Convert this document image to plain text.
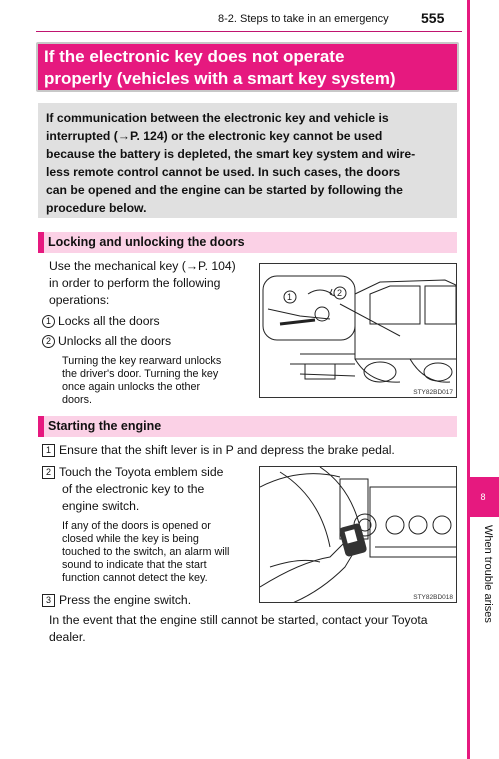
8-2. Steps to take in an emergency 555
If the electronic key does not operate
properly (vehicles with a smart key system)
If communication between the electronic key and vehicle is
interrupted (→P. 124) or the electronic key cannot be used
because the battery is depleted, the smart key system and wire-
less remote control cannot be used. In such cases, the doors
can be opened and the engine can be started by following the
procedure below.
Locking and unlocking the doors
Use the mechanical key (→P. 104)
in order to perform the following
operations:
1 Locks all the doors
2 Unlocks all the doors
Turning the key rearward unlocks
the driver's door. Turning the key
once again unlocks the other
doors.
1	2
STY82BD017
Starting the engine
1 Ensure that the shift lever is in P and depress the brake pedal.
2 Touch the Toyota emblem side
of the electronic key to the
engine switch.
If any of the doors is opened or
closed while the key is being
touched to the switch, an alarm will
sound to indicate that the start
function cannot detect the key.
3 Press the engine switch.	STY82BD018
In the event that the engine still cannot be started, contact your Toyota
dealer.
8
When trouble arises
